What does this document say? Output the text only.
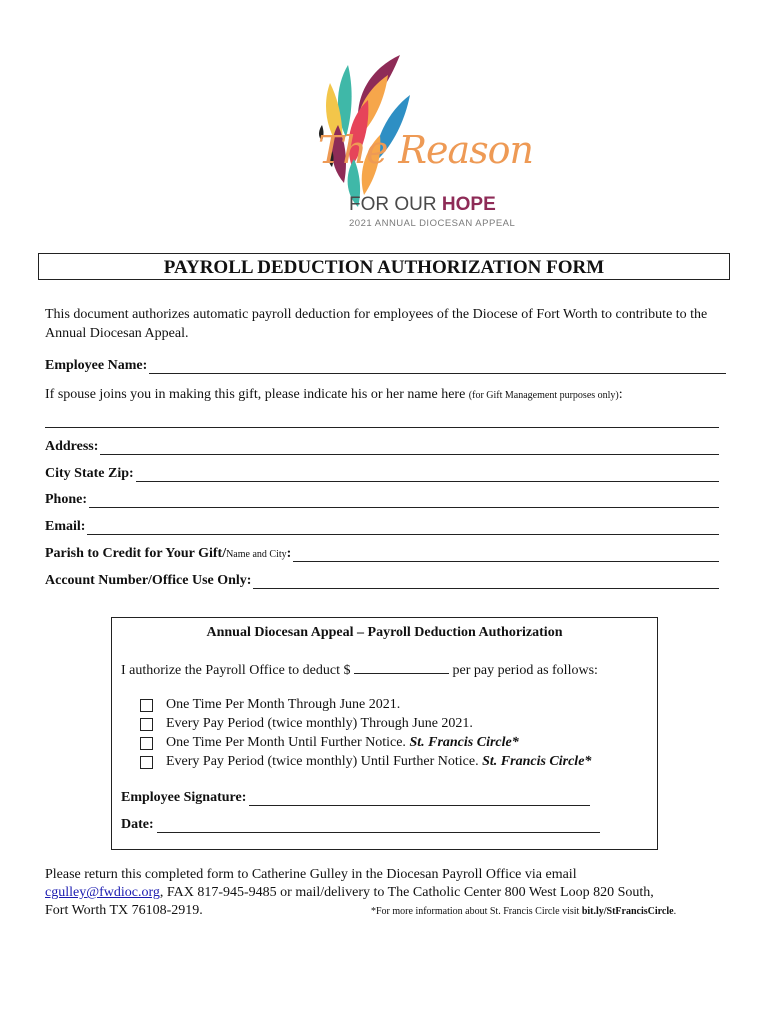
The Reason
FOR OUR HOPE
2021 ANNUAL DIOCESAN APPEAL
PAYROLL DEDUCTION AUTHORIZATION FORM
This document authorizes automatic payroll deduction for employees of the Diocese of Fort Worth to contribute to the Annual Diocesan Appeal.
Employee Name:
If spouse joins you in making this gift, please indicate his or her name here (for Gift Management purposes only):
Address:
City State Zip:
Phone:
Email:
Parish to Credit for Your Gift/Name and City:
Account Number/Office Use Only:
Annual Diocesan Appeal – Payroll Deduction Authorization
I authorize the Payroll Office to deduct $	per pay period as follows:
One Time Per Month Through June 2021.
Every Pay Period (twice monthly) Through June 2021.
One Time Per Month Until Further Notice.
St. Francis Circle*
Every Pay Period (twice monthly) Until Further Notice.
St. Francis Circle*
Employee Signature:
Date:
Please return this completed form to Catherine Gulley in the Diocesan Payroll Office via email
cgulley@fwdioc.org, FAX 817-945-9485 or mail/delivery to The Catholic Center 800 West Loop 820 South,
Fort Worth TX 76108-2919.	*For more information about St. Francis Circle visit bit.ly/StFrancisCircle.
